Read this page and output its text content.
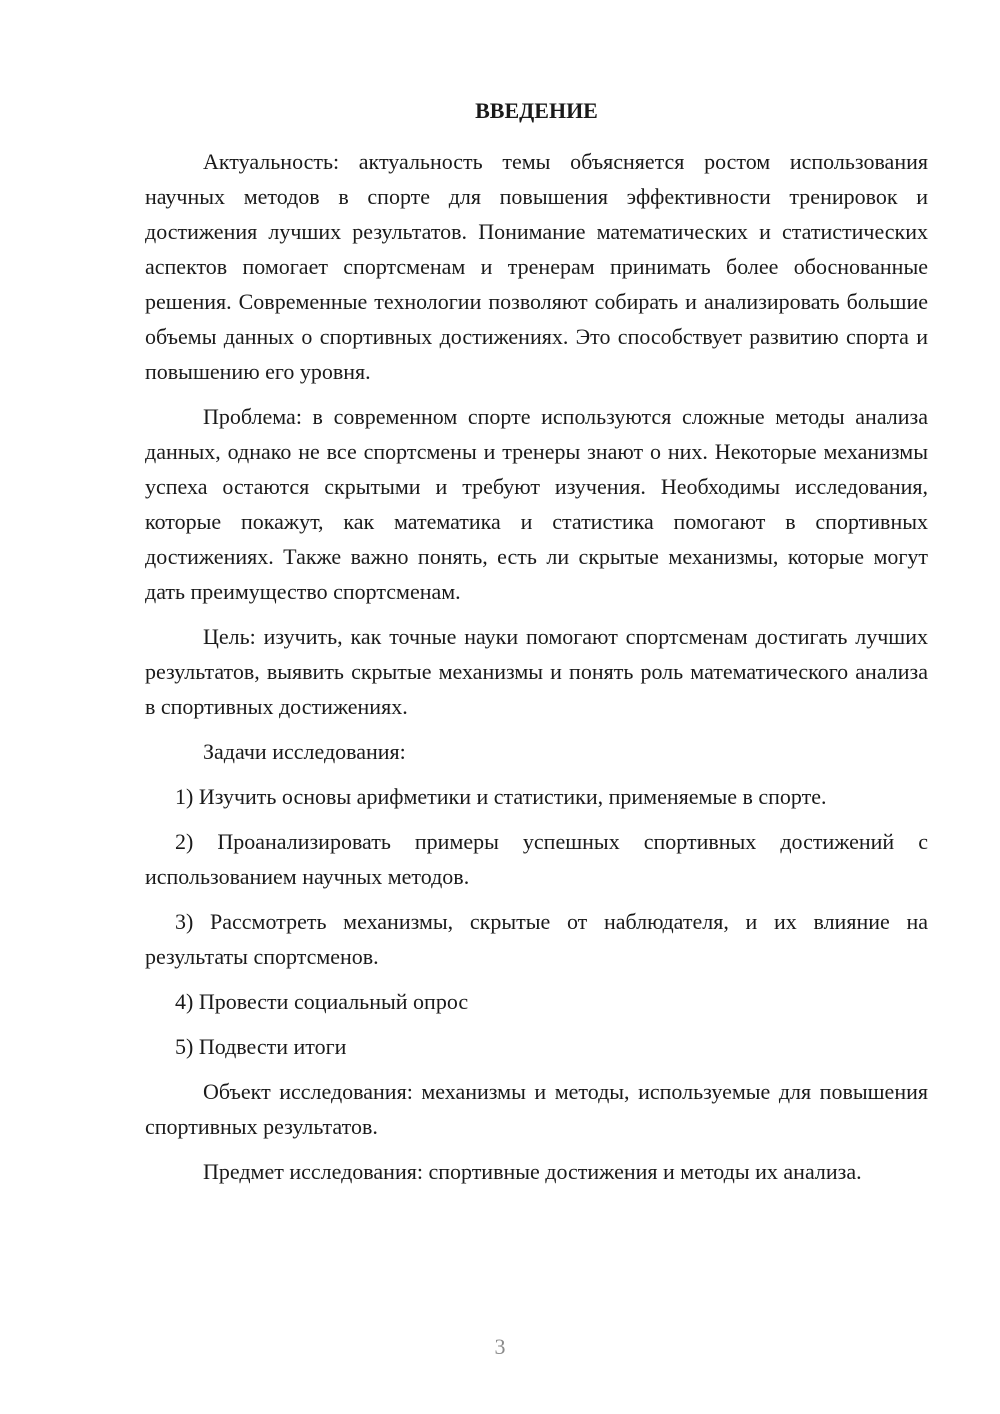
ВВЕДЕНИЕ

Актуальность: актуальность темы объясняется ростом использования научных методов в спорте для повышения эффективности тренировок и достижения лучших результатов. Понимание математических и статистических аспектов помогает спортсменам и тренерам принимать более обоснованные решения. Современные технологии позволяют собирать и анализировать большие объемы данных о спортивных достижениях. Это способствует развитию спорта и повышению его уровня.

Проблема: в современном спорте используются сложные методы анализа данных, однако не все спортсмены и тренеры знают о них. Некоторые механизмы успеха остаются скрытыми и требуют изучения. Необходимы исследования, которые покажут, как математика и статистика помогают в спортивных достижениях. Также важно понять, есть ли скрытые механизмы, которые могут дать преимущество спортсменам.

Цель: изучить, как точные науки помогают спортсменам достигать лучших результатов, выявить скрытые механизмы и понять роль математического анализа в спортивных достижениях.

Задачи исследования:

1) Изучить основы арифметики и статистики, применяемые в спорте.

2) Проанализировать примеры успешных спортивных достижений с использованием научных методов.

3) Рассмотреть механизмы, скрытые от наблюдателя, и их влияние на результаты спортсменов.

4) Провести социальный опрос

5) Подвести итоги

Объект исследования: механизмы и методы, используемые для повышения спортивных результатов.

Предмет исследования: спортивные достижения и методы их анализа.

3
